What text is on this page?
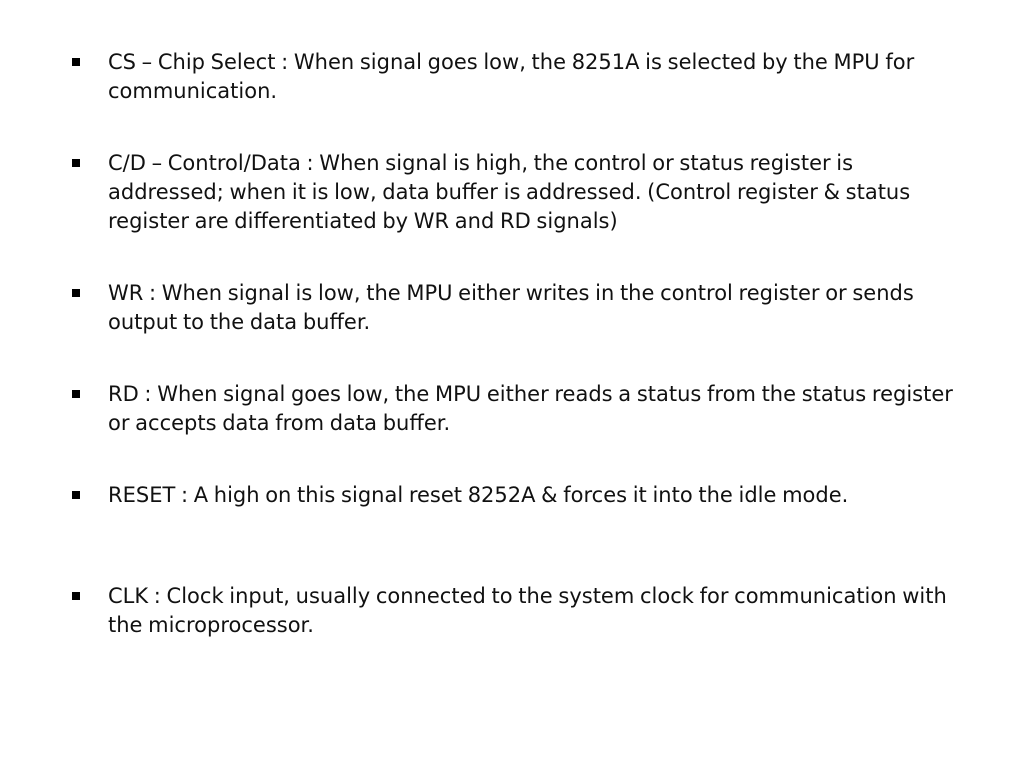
CS – Chip Select : When signal goes low, the 8251A is selected by the MPU for communication.
C/D – Control/Data : When signal is high, the control or status register is addressed; when it is low, data buffer is addressed. (Control register & status register are differentiated by WR and RD signals)
WR : When signal is low, the MPU either writes in the control register or sends output to the data buffer.
RD : When signal goes low, the MPU either reads a status from the status register or accepts data from data buffer.
RESET : A high on this signal reset 8252A & forces it into the idle mode.
CLK : Clock input, usually connected to the system clock for communication with the microprocessor.
